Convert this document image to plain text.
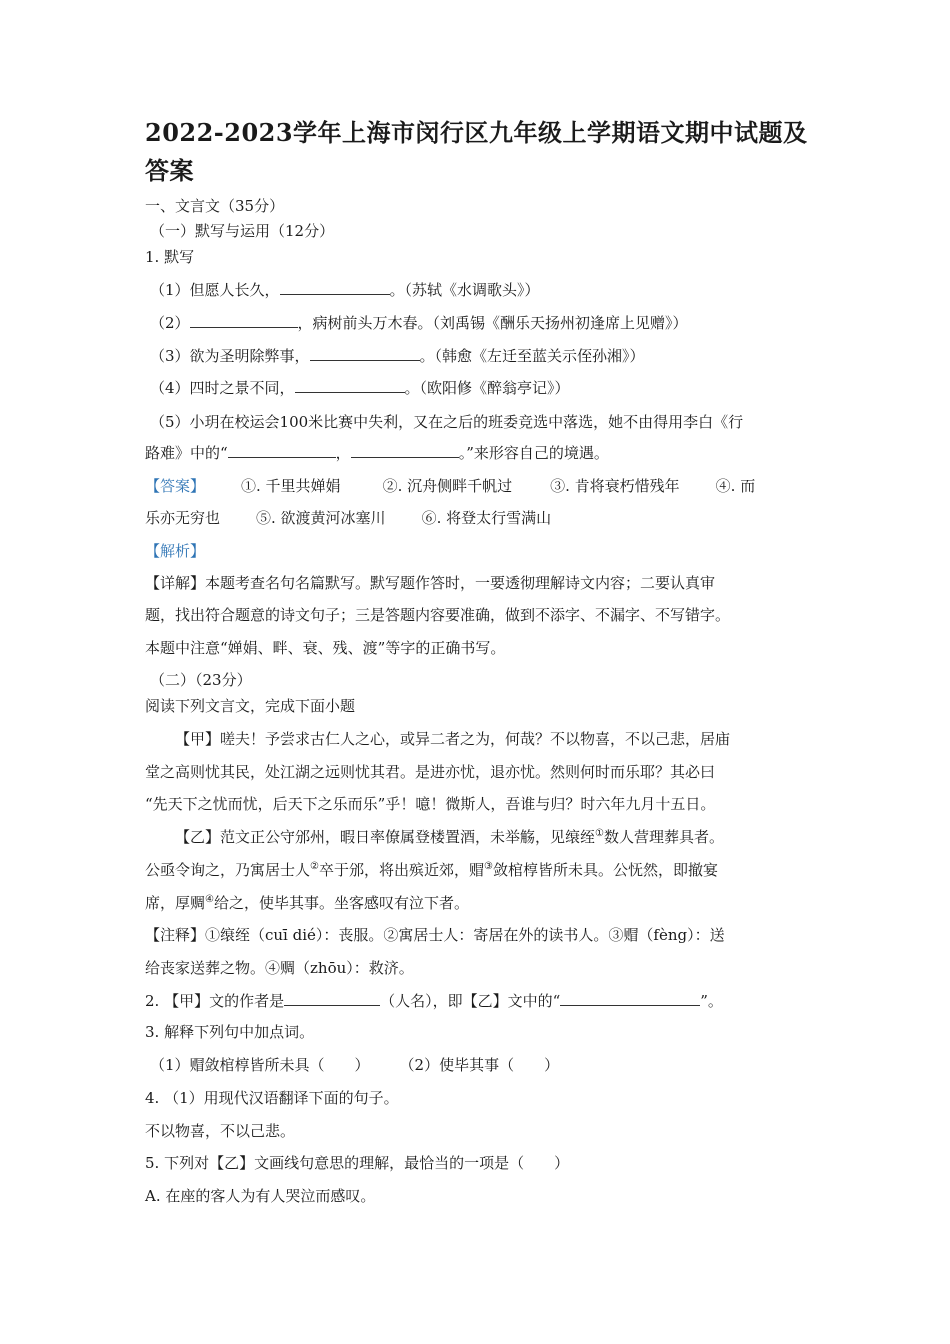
2022-2023学年上海市闵行区九年级上学期语文期中试题及答案
一、文言文（35分）
（一）默写与运用（12分）
1. 默写
（1）但愿人长久，	。（苏轼《水调歌头》）
（2）	，病树前头万木春。（刘禹锡《酬乐天扬州初逢席上见赠》）
（3）欲为圣明除弊事，	。（韩愈《左迁至蓝关示侄孙湘》）
（4）四时之景不同，	。（欧阳修《醉翁亭记》）
（5）小玥在校运会100米比赛中失利，又在之后的班委竞选中落选，她不由得用李白《行
路难》中的“	，	。”来形容自己的境遇。
【答案】 ①. 千里共婵娟	②. 沉舟侧畔千帆过	③. 肯将衰朽惜残年 ④. 而
乐亦无穷也 ⑤. 欲渡黄河冰塞川 ⑥. 将登太行雪满山
【解析】
【详解】本题考查名句名篇默写。默写题作答时，一要透彻理解诗文内容；二要认真审
题，找出符合题意的诗文句子；三是答题内容要准确，做到不添字、不漏字、不写错字。
本题中注意“婵娟、畔、衰、残、渡”等字的正确书写。
（二）（23分）
阅读下列文言文，完成下面小题
【甲】嗟夫！予尝求古仁人之心，或异二者之为，何哉？不以物喜，不以己悲，居庙
堂之高则忧其民，处江湖之远则忧其君。是进亦忧，退亦忧。然则何时而乐耶？其必曰
“先天下之忧而忧，后天下之乐而乐”乎！噫！微斯人，吾谁与归？时六年九月十五日。
【乙】范文正公守邠州，暇日率僚属登楼置酒，未举觞，见缞绖①数人营理葬具者。
公亟令询之，乃寓居士人②卒于邠，将出殡近郊，赗③敛棺椁皆所未具。公怃然，即撤宴
席，厚赒④给之，使毕其事。坐客感叹有泣下者。
【注释】①缞绖（cuī dié）：丧服。②寓居士人：寄居在外的读书人。③赗（fèng）：送
给丧家送葬之物。④赒（zhōu）：救济。
2. 【甲】文的作者是	（人名），即【乙】文中的“	”。
3. 解释下列句中加点词。
（1）赗敛棺椁皆所未具（　　） （2）使毕其事（　　）
4. （1）用现代汉语翻译下面的句子。
不以物喜，不以己悲。
5. 下列对【乙】文画线句意思的理解，最恰当的一项是（　　）
A. 在座的客人为有人哭泣而感叹。
